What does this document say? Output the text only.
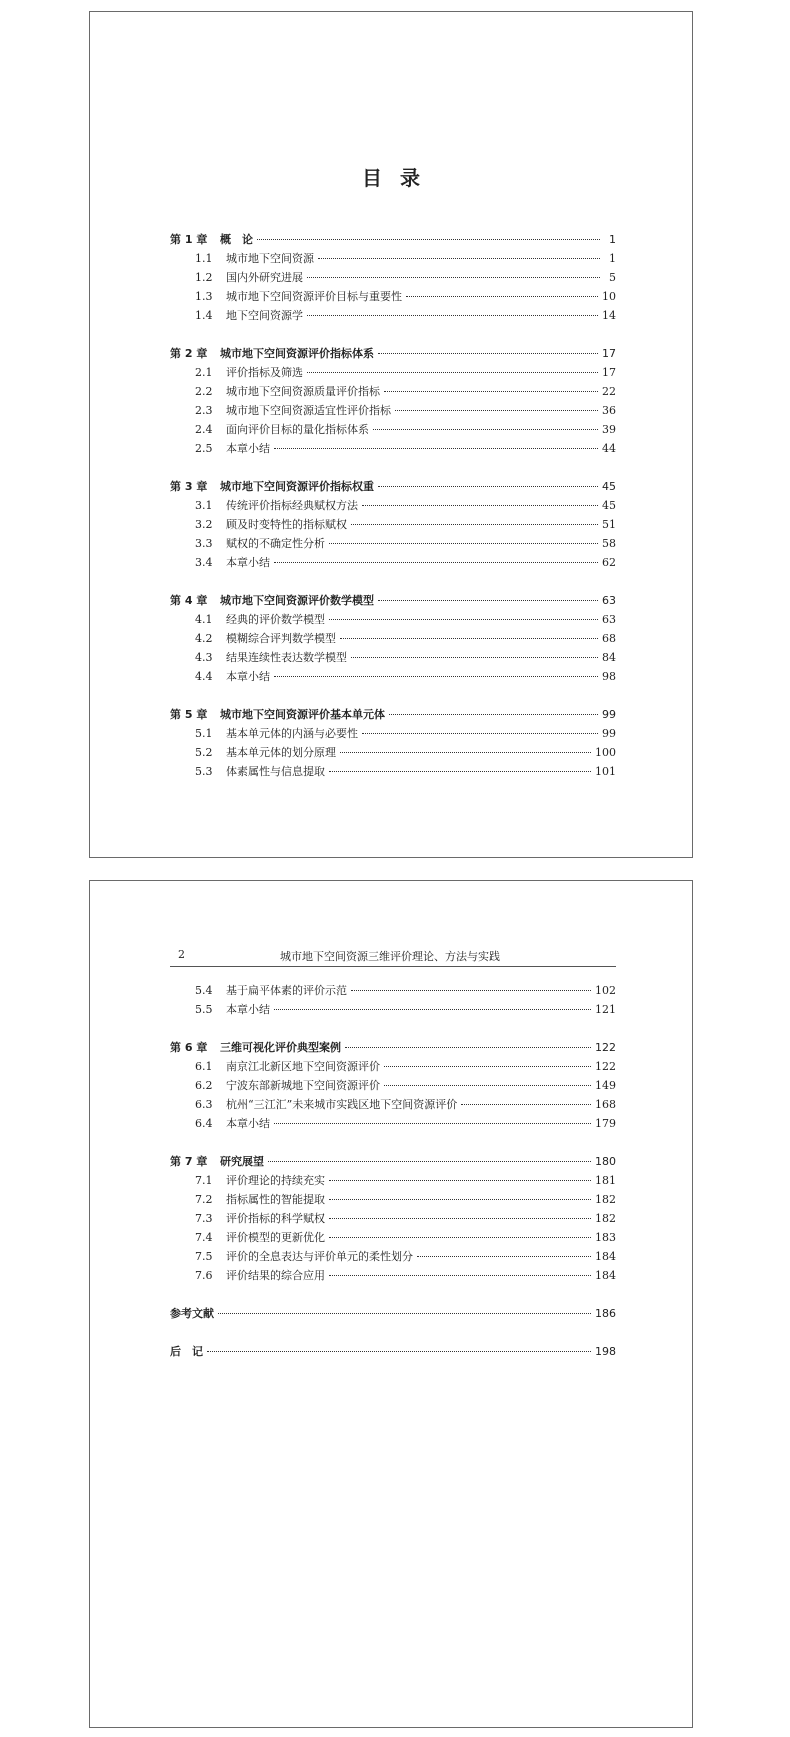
目录
第 1 章	概　论	1
1.1	城市地下空间资源	1
1.2	国内外研究进展	5
1.3	城市地下空间资源评价目标与重要性	10
1.4	地下空间资源学	14
第 2 章	城市地下空间资源评价指标体系	17
2.1	评价指标及筛选	17
2.2	城市地下空间资源质量评价指标	22
2.3	城市地下空间资源适宜性评价指标	36
2.4	面向评价目标的量化指标体系	39
2.5	本章小结	44
第 3 章	城市地下空间资源评价指标权重	45
3.1	传统评价指标经典赋权方法	45
3.2	顾及时变特性的指标赋权	51
3.3	赋权的不确定性分析	58
3.4	本章小结	62
第 4 章	城市地下空间资源评价数学模型	63
4.1	经典的评价数学模型	63
4.2	模糊综合评判数学模型	68
4.3	结果连续性表达数学模型	84
4.4	本章小结	98
第 5 章	城市地下空间资源评价基本单元体	99
5.1	基本单元体的内涵与必要性	99
5.2	基本单元体的划分原理	100
5.3	体素属性与信息提取	101
2	城市地下空间资源三维评价理论、方法与实践
5.4	基于扁平体素的评价示范	102
5.5	本章小结	121
第 6 章	三维可视化评价典型案例	122
6.1	南京江北新区地下空间资源评价	122
6.2	宁波东部新城地下空间资源评价	149
6.3	杭州“三江汇”未来城市实践区地下空间资源评价	168
6.4	本章小结	179
第 7 章	研究展望	180
7.1	评价理论的持续充实	181
7.2	指标属性的智能提取	182
7.3	评价指标的科学赋权	182
7.4	评价模型的更新优化	183
7.5	评价的全息表达与评价单元的柔性划分	184
7.6	评价结果的综合应用	184
参考文献	186
后　记	198
